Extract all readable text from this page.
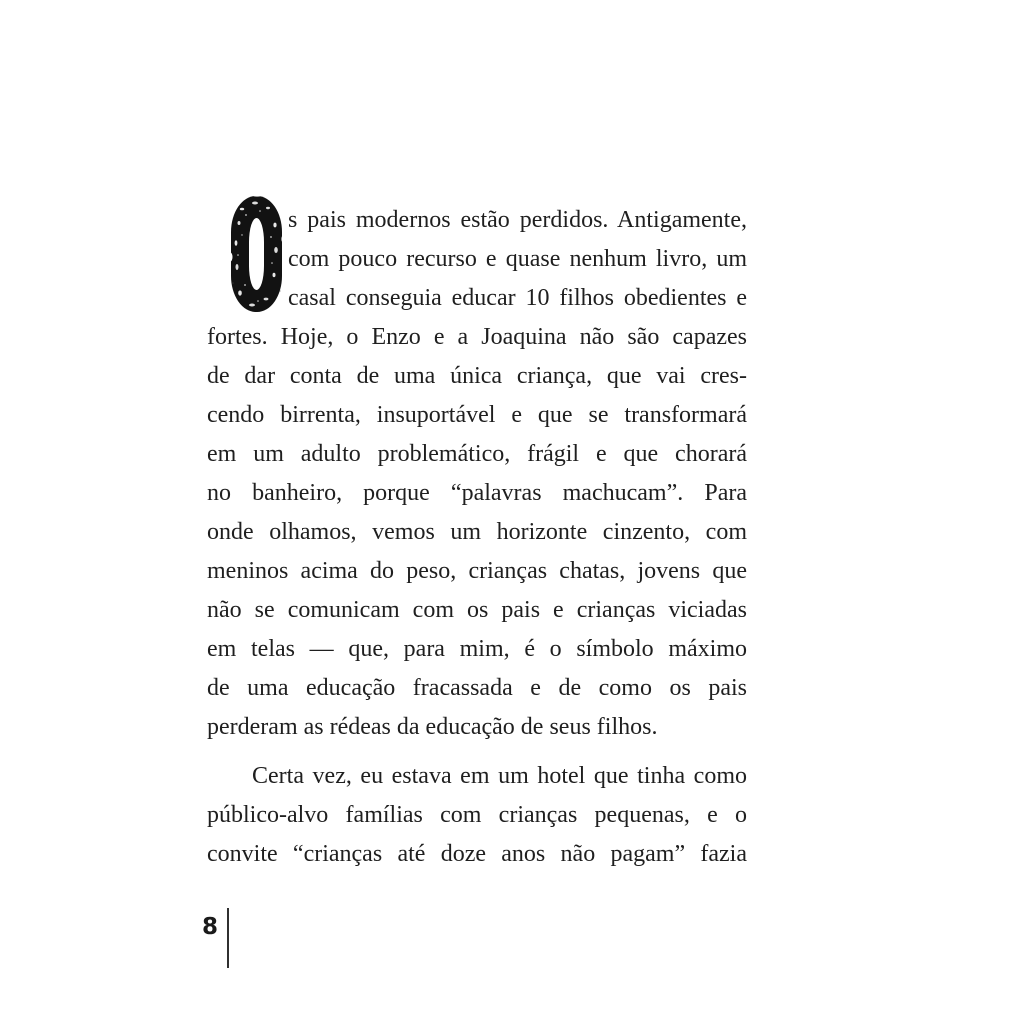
s pais modernos estão perdidos. Antigamente,
com pouco recurso e quase nenhum livro, um
casal conseguia educar 10 filhos obedientes e
fortes. Hoje, o Enzo e a Joaquina não são capazes
de dar conta de uma única criança, que vai cres-
cendo birrenta, insuportável e que se transformará
em um adulto problemático, frágil e que chorará
no banheiro, porque “palavras machucam”. Para
onde olhamos, vemos um horizonte cinzento, com
meninos acima do peso, crianças chatas, jovens que
não se comunicam com os pais e crianças viciadas
em telas — que, para mim, é o símbolo máximo
de uma educação fracassada e de como os pais
perderam as rédeas da educação de seus filhos.
Certa vez, eu estava em um hotel que tinha como
público-alvo famílias com crianças pequenas, e o
convite “crianças até doze anos não pagam” fazia
8
